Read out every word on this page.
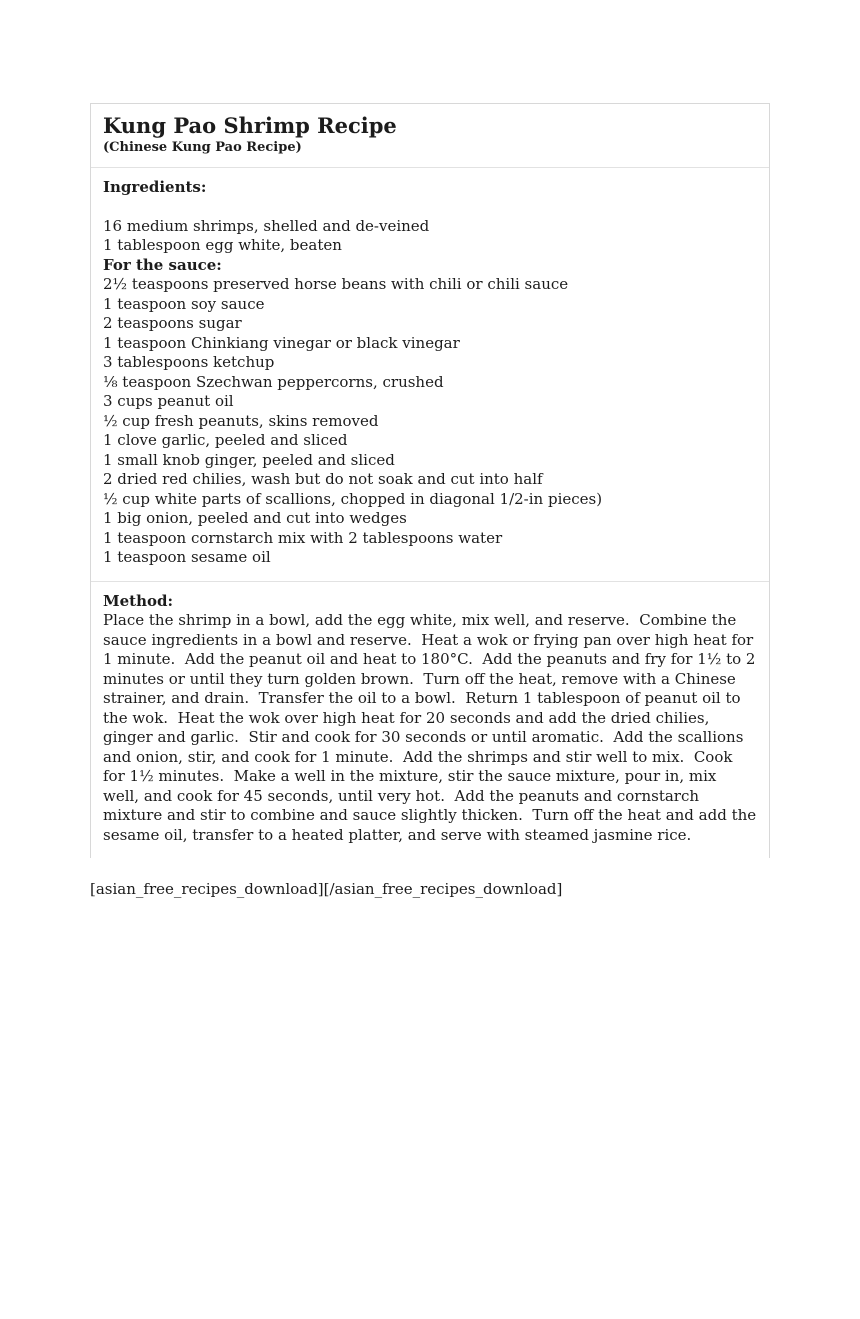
Kung Pao Shrimp Recipe
(Chinese Kung Pao Recipe)
Ingredients:
16 medium shrimps, shelled and de-veined
1 tablespoon egg white, beaten
For the sauce:
2½ teaspoons preserved horse beans with chili or chili sauce
1 teaspoon soy sauce
2 teaspoons sugar
1 teaspoon Chinkiang vinegar or black vinegar
3 tablespoons ketchup
⅛ teaspoon Szechwan peppercorns, crushed
3 cups peanut oil
½ cup fresh peanuts, skins removed
1 clove garlic, peeled and sliced
1 small knob ginger, peeled and sliced
2 dried red chilies, wash but do not soak and cut into half
½ cup white parts of scallions, chopped in diagonal 1/2-in pieces)
1 big onion, peeled and cut into wedges
1 teaspoon cornstarch mix with 2 tablespoons water
1 teaspoon sesame oil
Method:

Place the shrimp in a bowl, add the egg white, mix well, and reserve.  Combine the sauce ingredients in a bowl and reserve.  Heat a wok or frying pan over high heat for 1 minute.  Add the peanut oil and heat to 180°C.  Add the peanuts and fry for 1½ to 2 minutes or until they turn golden brown.  Turn off the heat, remove with a Chinese strainer, and drain.  Transfer the oil to a bowl.  Return 1 tablespoon of peanut oil to the wok.  Heat the wok over high heat for 20 seconds and add the dried chilies, ginger and garlic.  Stir and cook for 30 seconds or until aromatic.  Add the scallions and onion, stir, and cook for 1 minute.  Add the shrimps and stir well to mix.  Cook for 1½ minutes.  Make a well in the mixture, stir the sauce mixture, pour in, mix well, and cook for 45 seconds, until very hot.  Add the peanuts and cornstarch mixture and stir to combine and sauce slightly thicken.  Turn off the heat and add the sesame oil, transfer to a heated platter, and serve with steamed jasmine rice.

[asian_free_recipes_download][/asian_free_recipes_download]
